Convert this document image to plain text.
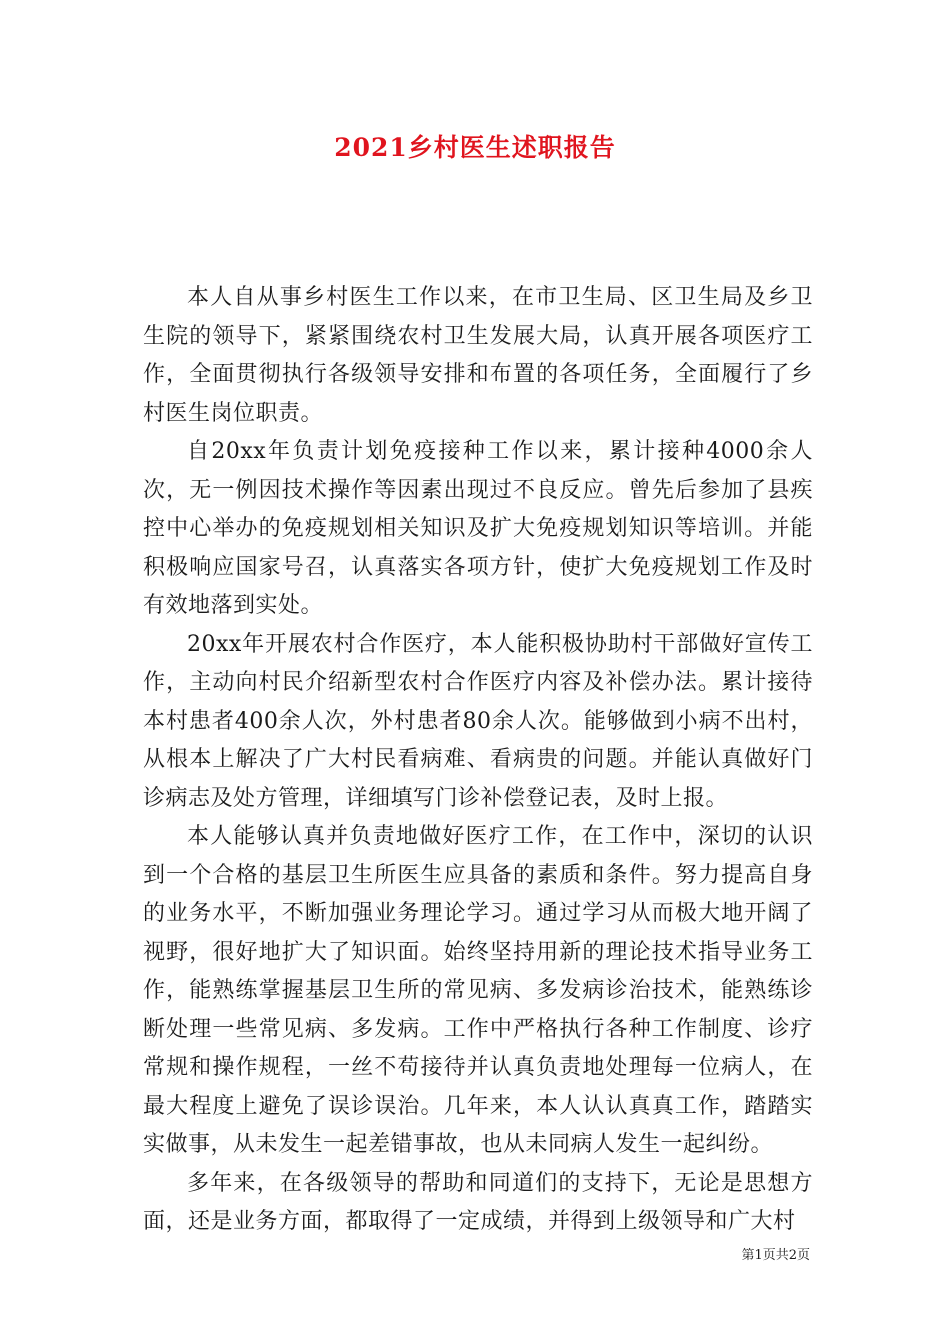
2021乡村医生述职报告

本人自从事乡村医生工作以来，在市卫生局、区卫生局及乡卫生院的领导下，紧紧围绕农村卫生发展大局，认真开展各项医疗工作，全面贯彻执行各级领导安排和布置的各项任务，全面履行了乡村医生岗位职责。

自20xx年负责计划免疫接种工作以来，累计接种4000余人次，无一例因技术操作等因素出现过不良反应。曾先后参加了县疾控中心举办的免疫规划相关知识及扩大免疫规划知识等培训。并能积极响应国家号召，认真落实各项方针，使扩大免疫规划工作及时有效地落到实处。

20xx年开展农村合作医疗，本人能积极协助村干部做好宣传工作，主动向村民介绍新型农村合作医疗内容及补偿办法。累计接待本村患者400余人次，外村患者80余人次。能够做到小病不出村，从根本上解决了广大村民看病难、看病贵的问题。并能认真做好门诊病志及处方管理，详细填写门诊补偿登记表，及时上报。

本人能够认真并负责地做好医疗工作，在工作中，深切的认识到一个合格的基层卫生所医生应具备的素质和条件。努力提高自身的业务水平，不断加强业务理论学习。通过学习从而极大地开阔了视野，很好地扩大了知识面。始终坚持用新的理论技术指导业务工作，能熟练掌握基层卫生所的常见病、多发病诊治技术，能熟练诊断处理一些常见病、多发病。工作中严格执行各种工作制度、诊疗常规和操作规程，一丝不苟接待并认真负责地处理每一位病人，在最大程度上避免了误诊误治。几年来，本人认认真真工作，踏踏实实做事，从未发生一起差错事故，也从未同病人发生一起纠纷。

多年来，在各级领导的帮助和同道们的支持下，无论是思想方面，还是业务方面，都取得了一定成绩，并得到上级领导和广大村

第1页共2页
